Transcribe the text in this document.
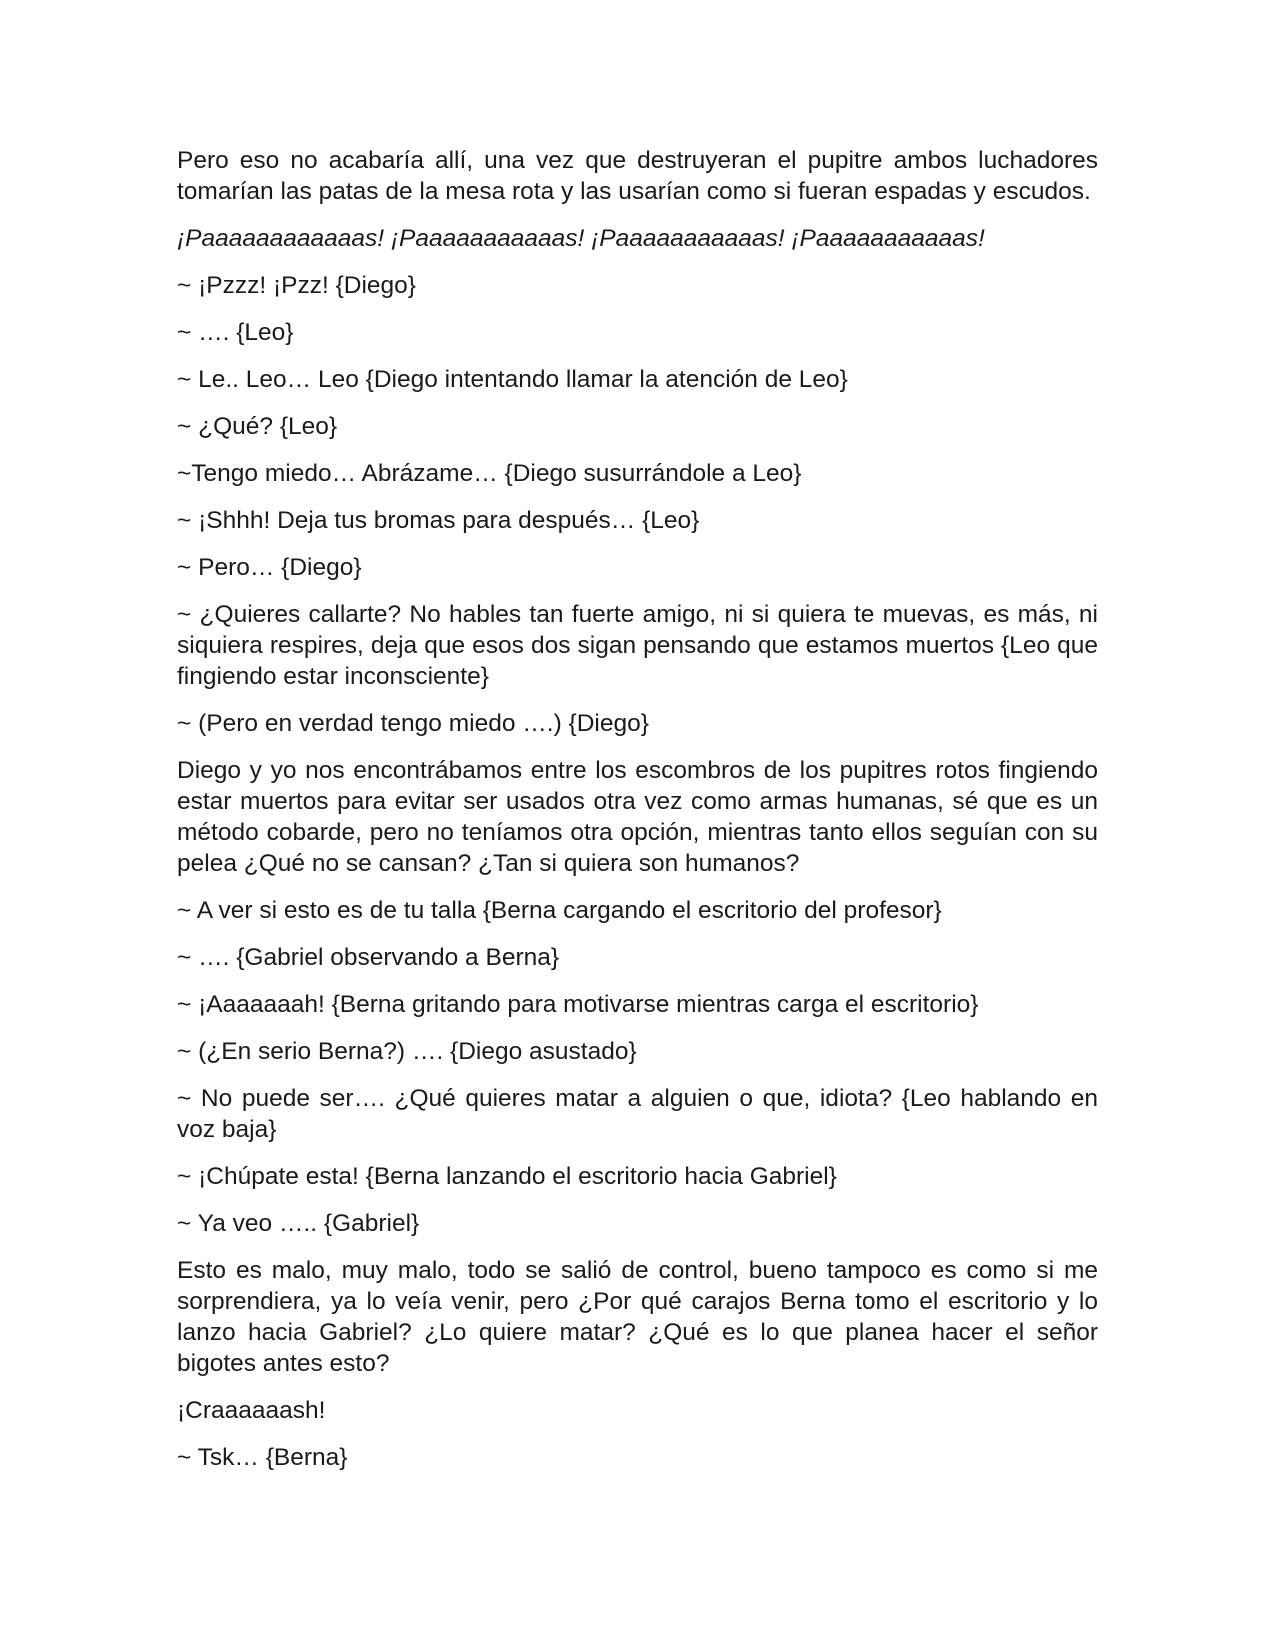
Pero eso no acabaría allí, una vez que destruyeran el pupitre ambos luchadores tomarían las patas de la mesa rota y las usarían como si fueran espadas y escudos.

¡Paaaaaaaaaaaas! ¡Paaaaaaaaaaas! ¡Paaaaaaaaaaas! ¡Paaaaaaaaaaas!

~ ¡Pzzz! ¡Pzz! {Diego}

~ …. {Leo}

~ Le.. Leo… Leo {Diego intentando llamar la atención de Leo}

~ ¿Qué? {Leo}

~Tengo miedo… Abrázame… {Diego susurrándole a Leo}

~ ¡Shhh! Deja tus bromas para después… {Leo}

~ Pero… {Diego}

~ ¿Quieres callarte? No hables tan fuerte amigo, ni si quiera te muevas, es más, ni siquiera respires, deja que esos dos sigan pensando que estamos muertos {Leo que fingiendo estar inconsciente}

~ (Pero en verdad tengo miedo ….) {Diego}

Diego y yo nos encontrábamos entre los escombros de los pupitres rotos fingiendo estar muertos para evitar ser usados otra vez como armas humanas, sé que es un método cobarde, pero no teníamos otra opción, mientras tanto ellos seguían con su pelea ¿Qué no se cansan? ¿Tan si quiera son humanos?

~ A ver si esto es de tu talla {Berna cargando el escritorio del profesor}

~ …. {Gabriel observando a Berna}

~ ¡Aaaaaaah! {Berna gritando para motivarse mientras carga el escritorio}

~ (¿En serio Berna?) …. {Diego asustado}

~ No puede ser…. ¿Qué quieres matar a alguien o que, idiota? {Leo hablando en voz baja}

~ ¡Chúpate esta! {Berna lanzando el escritorio hacia Gabriel}

~ Ya veo ….. {Gabriel}

Esto es malo, muy malo, todo se salió de control, bueno tampoco es como si me sorprendiera, ya lo veía venir, pero ¿Por qué carajos Berna tomo el escritorio y lo lanzo hacia Gabriel? ¿Lo quiere matar? ¿Qué es lo que planea hacer el señor bigotes antes esto?

¡Craaaaaash!

~ Tsk… {Berna}
